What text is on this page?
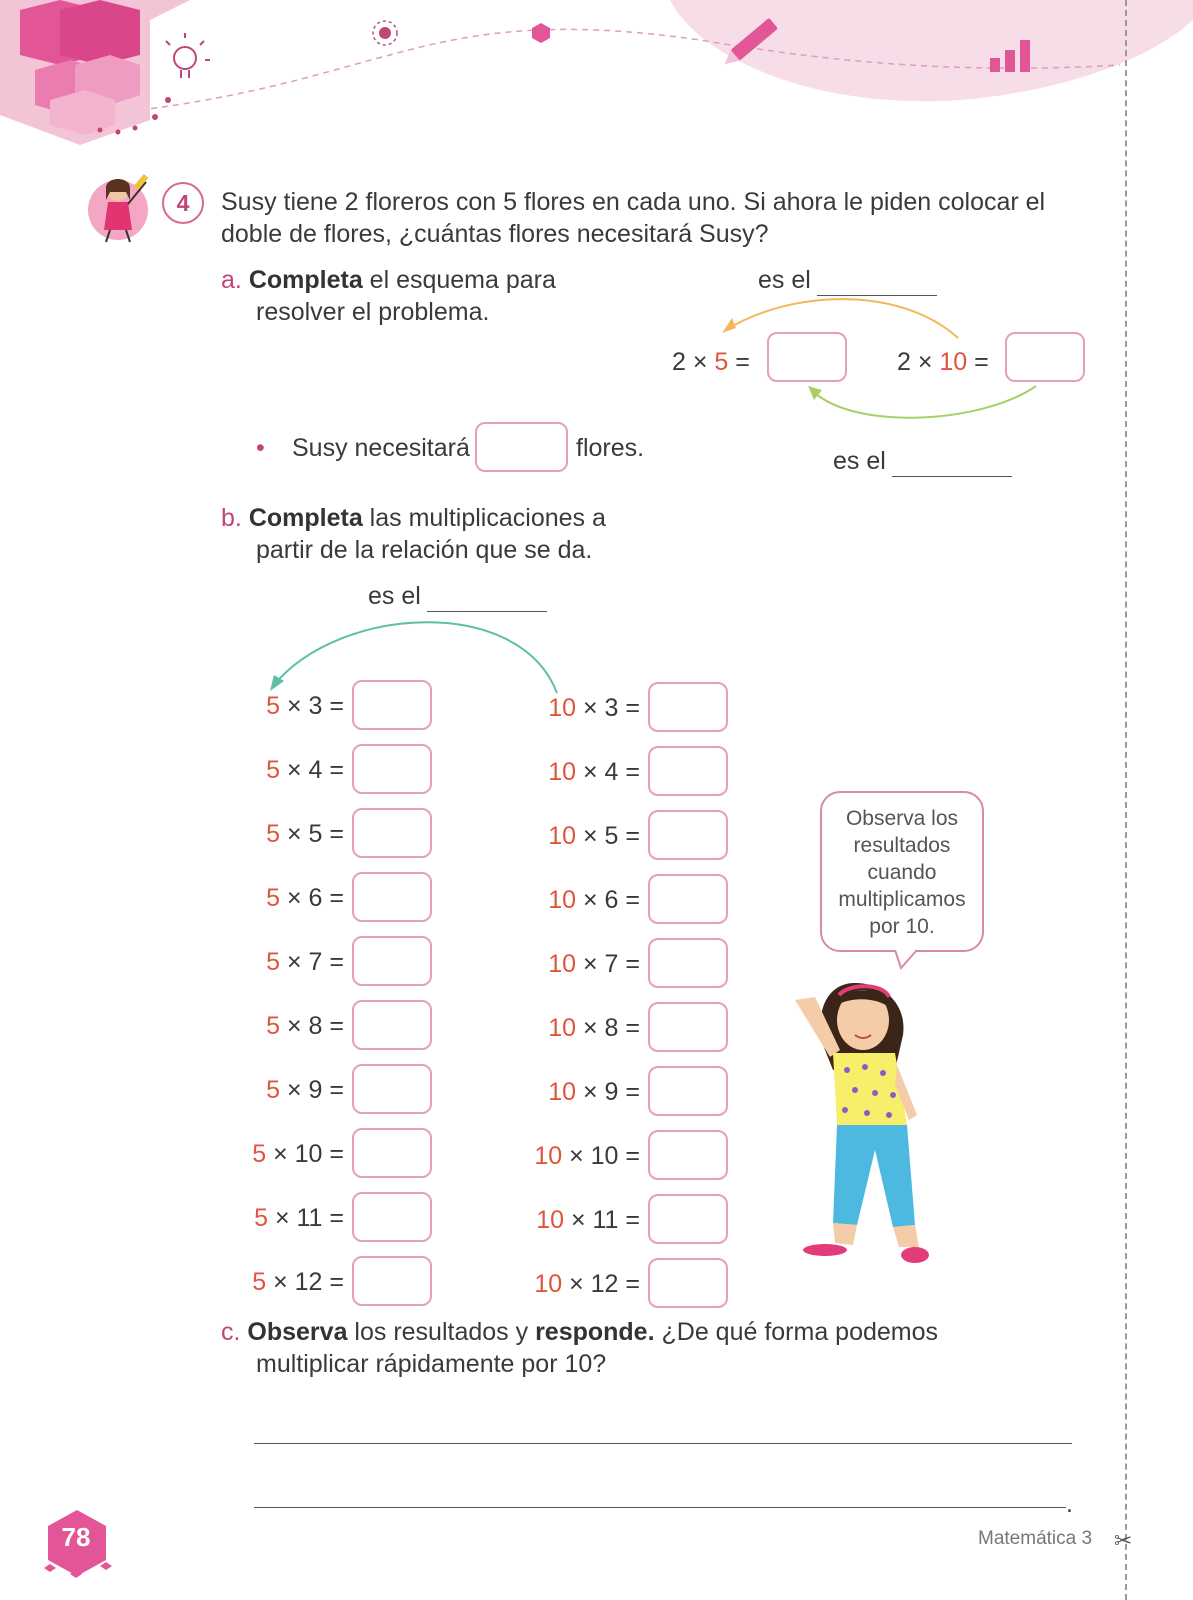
✂
4	Susy tiene 2 floreros con 5 flores en cada uno. Si ahora le piden colocar el
doble de flores, ¿cuántas flores necesitará Susy?
a. Completa el esquema para
resolver el problema.
es el
2 × 5 =	2 × 10 =
• Susy necesitará	flores.	es el
b. Completa las multiplicaciones a
partir de la relación que se da.
es el
5 × 3 =	10 × 3 =
5 × 4 =	10 × 4 =
5 × 5 =	10 × 5 =
5 × 6 =	10 × 6 =
5 × 7 =	10 × 7 =
5 × 8 =	10 × 8 =
5 × 9 =	10 × 9 =
5 × 10 =	10 × 10 =
5 × 11 =	10 × 11 =
5 × 12 =	10 × 12 =
Observa los
resultados
cuando
multiplicamos
por 10.
c. Observa los resultados y responde. ¿De qué forma podemos
multiplicar rápidamente por 10?
.
78	Matemática 3
